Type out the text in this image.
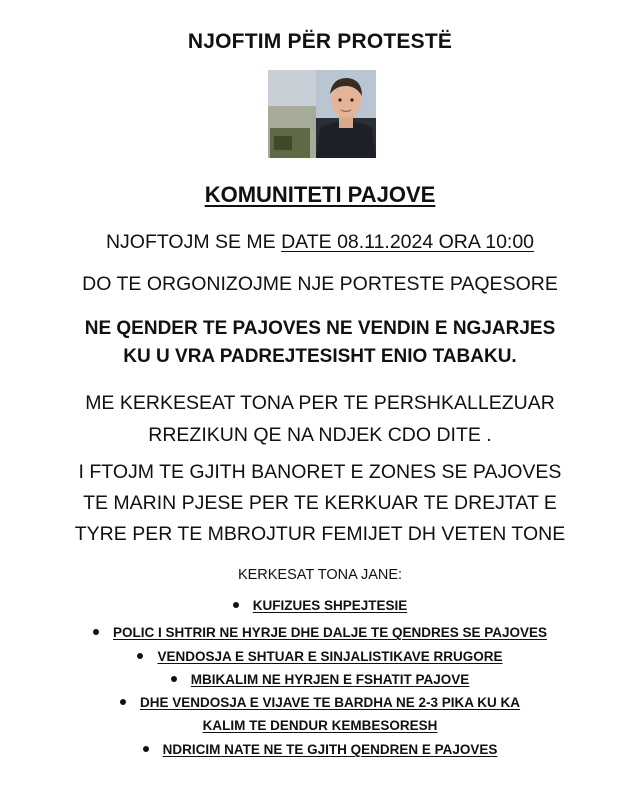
NJOFTIM PËR PROTESTË
KOMUNITETI PAJOVE
NJOFTOJM SE ME DATE 08.11.2024 ORA 10:00
DO TE ORGONIZOJME NJE PORTESTE PAQESORE
NE QENDER TE PAJOVES NE VENDIN E NGJARJES
KU U VRA PADREJTESISHT ENIO TABAKU.
ME KERKESEAT TONA PER TE PERSHKALLEZUAR
RREZIKUN QE NA NDJEK CDO DITE .
I FTOJM TE GJITH BANORET E ZONES SE PAJOVES
TE MARIN PJESE PER TE KERKUAR TE DREJTAT E
TYRE PER TE MBROJTUR FEMIJET DH VETEN TONE
KERKESAT TONA JANE:
KUFIZUES SHPEJTESIE
POLIC I SHTRIR NE HYRJE DHE DALJE TE QENDRES SE PAJOVES
VENDOSJA E SHTUAR E SINJALISTIKAVE RRUGORE
MBIKALIM NE HYRJEN E FSHATIT PAJOVE
DHE VENDOSJA E VIJAVE TE BARDHA NE 2-3 PIKA KU KA
KALIM TE DENDUR KEMBESORESH
NDRICIM NATE NE TE GJITH QENDREN E PAJOVES
